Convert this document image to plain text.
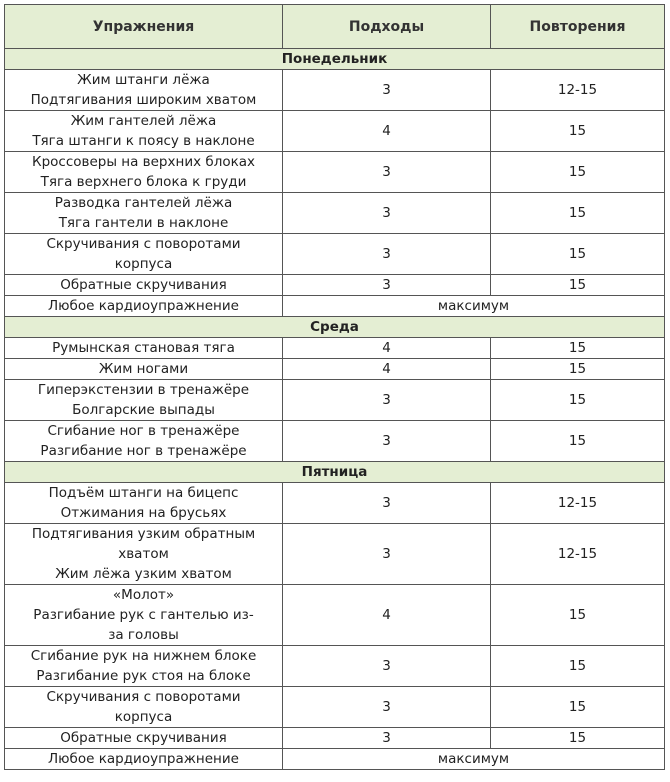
Упражнения	Подходы	Повторения
Понедельник		

Жим штанги лёжа
Подтягивания широким хватом	3	12-15

Жим гантелей лёжа
Тяга штанги к поясу в наклоне	4	15

Кроссоверы на верхних блоках
Тяга верхнего блока к груди	3	15

Разводка гантелей лёжа
Тяга гантели в наклоне	3	15

Скручивания с поворотами
корпуса	3	15

Обратные скручивания	3	15
Любое кардиоупражнение	максимум	
Среда		

Румынская становая тяга	4	15

Жим ногами	4	15

Гиперэкстензии в тренажёре
Болгарские выпады	3	15

Сгибание ног в тренажёре
Разгибание ног в тренажёре	3	15
Пятница		

Подъём штанги на бицепс
Отжимания на брусьях	3	12-15

Подтягивания узким обратным
хватом
Жим лёжа узким хватом	3	12-15

«Молот»
Разгибание рук с гантелью из-
за головы	4	15

Сгибание рук на нижнем блоке
Разгибание рук стоя на блоке	3	15

Скручивания с поворотами
корпуса	3	15

Обратные скручивания	3	15
Любое кардиоупражнение	максимум	
